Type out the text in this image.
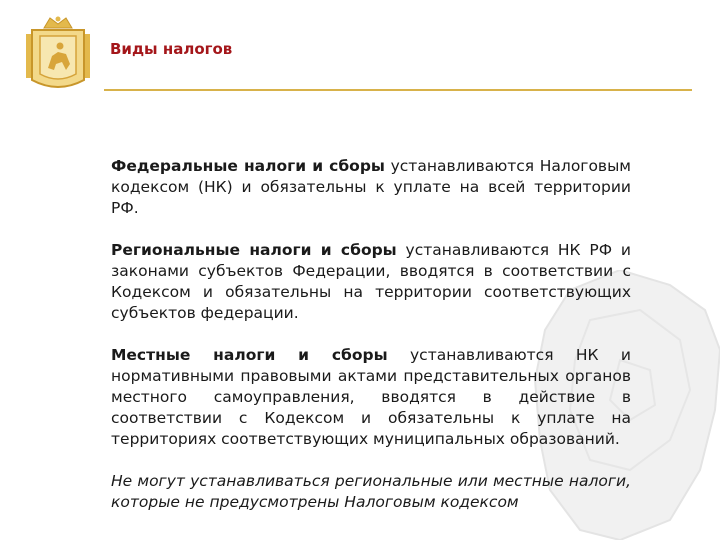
Виды налогов

Федеральные налоги и сборы устанавливаются Налоговым кодексом (НК) и обязательны к уплате на всей территории РФ.

Региональные налоги и сборы устанавливаются НК РФ и законами субъектов Федерации, вводятся в соответствии с Кодексом и обязательны на территории соответствующих субъектов федерации.

Местные налоги и сборы устанавливаются НК и нормативными правовыми актами представительных органов местного самоуправления, вводятся в действие в соответствии с Кодексом и обязательны к уплате на территориях соответствующих муниципальных образований.

Не могут устанавливаться региональные или местные налоги, которые не предусмотрены Налоговым кодексом
